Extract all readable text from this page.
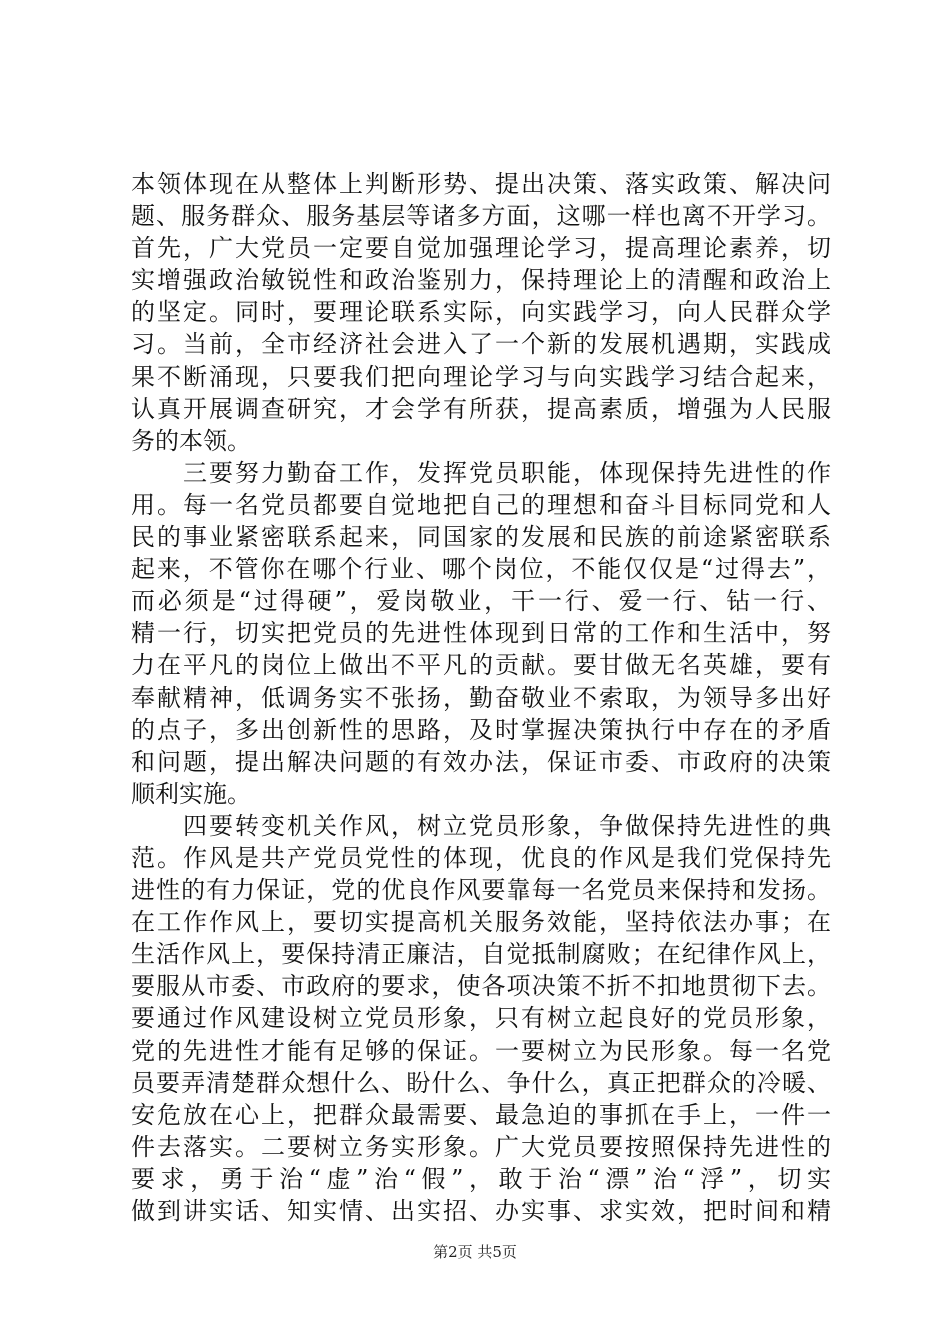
本领体现在从整体上判断形势、提出决策、落实政策、解决问
题、服务群众、服务基层等诸多方面，这哪一样也离不开学习。
首先，广大党员一定要自觉加强理论学习，提高理论素养，切
实增强政治敏锐性和政治鉴别力，保持理论上的清醒和政治上
的坚定。同时，要理论联系实际，向实践学习，向人民群众学
习。当前，全市经济社会进入了一个新的发展机遇期，实践成
果不断涌现，只要我们把向理论学习与向实践学习结合起来，
认真开展调查研究，才会学有所获，提高素质，增强为人民服
务的本领。
　　三要努力勤奋工作，发挥党员职能，体现保持先进性的作
用。每一名党员都要自觉地把自己的理想和奋斗目标同党和人
民的事业紧密联系起来，同国家的发展和民族的前途紧密联系
起来，不管你在哪个行业、哪个岗位，不能仅仅是“过得去”，
而必须是“过得硬”，爱岗敬业，干一行、爱一行、钻一行、
精一行，切实把党员的先进性体现到日常的工作和生活中，努
力在平凡的岗位上做出不平凡的贡献。要甘做无名英雄，要有
奉献精神，低调务实不张扬，勤奋敬业不索取，为领导多出好
的点子，多出创新性的思路，及时掌握决策执行中存在的矛盾
和问题，提出解决问题的有效办法，保证市委、市政府的决策
顺利实施。
　　四要转变机关作风，树立党员形象，争做保持先进性的典
范。作风是共产党员党性的体现，优良的作风是我们党保持先
进性的有力保证，党的优良作风要靠每一名党员来保持和发扬。
在工作作风上，要切实提高机关服务效能，坚持依法办事；在
生活作风上，要保持清正廉洁，自觉抵制腐败；在纪律作风上，
要服从市委、市政府的要求，使各项决策不折不扣地贯彻下去。
要通过作风建设树立党员形象，只有树立起良好的党员形象，
党的先进性才能有足够的保证。一要树立为民形象。每一名党
员要弄清楚群众想什么、盼什么、争什么，真正把群众的冷暖、
安危放在心上，把群众最需要、最急迫的事抓在手上，一件一
件去落实。二要树立务实形象。广大党员要按照保持先进性的
要求，勇于治“虚”治“假”，敢于治“漂”治“浮”，切实
做到讲实话、知实情、出实招、办实事、求实效，把时间和精
第2页 共5页
